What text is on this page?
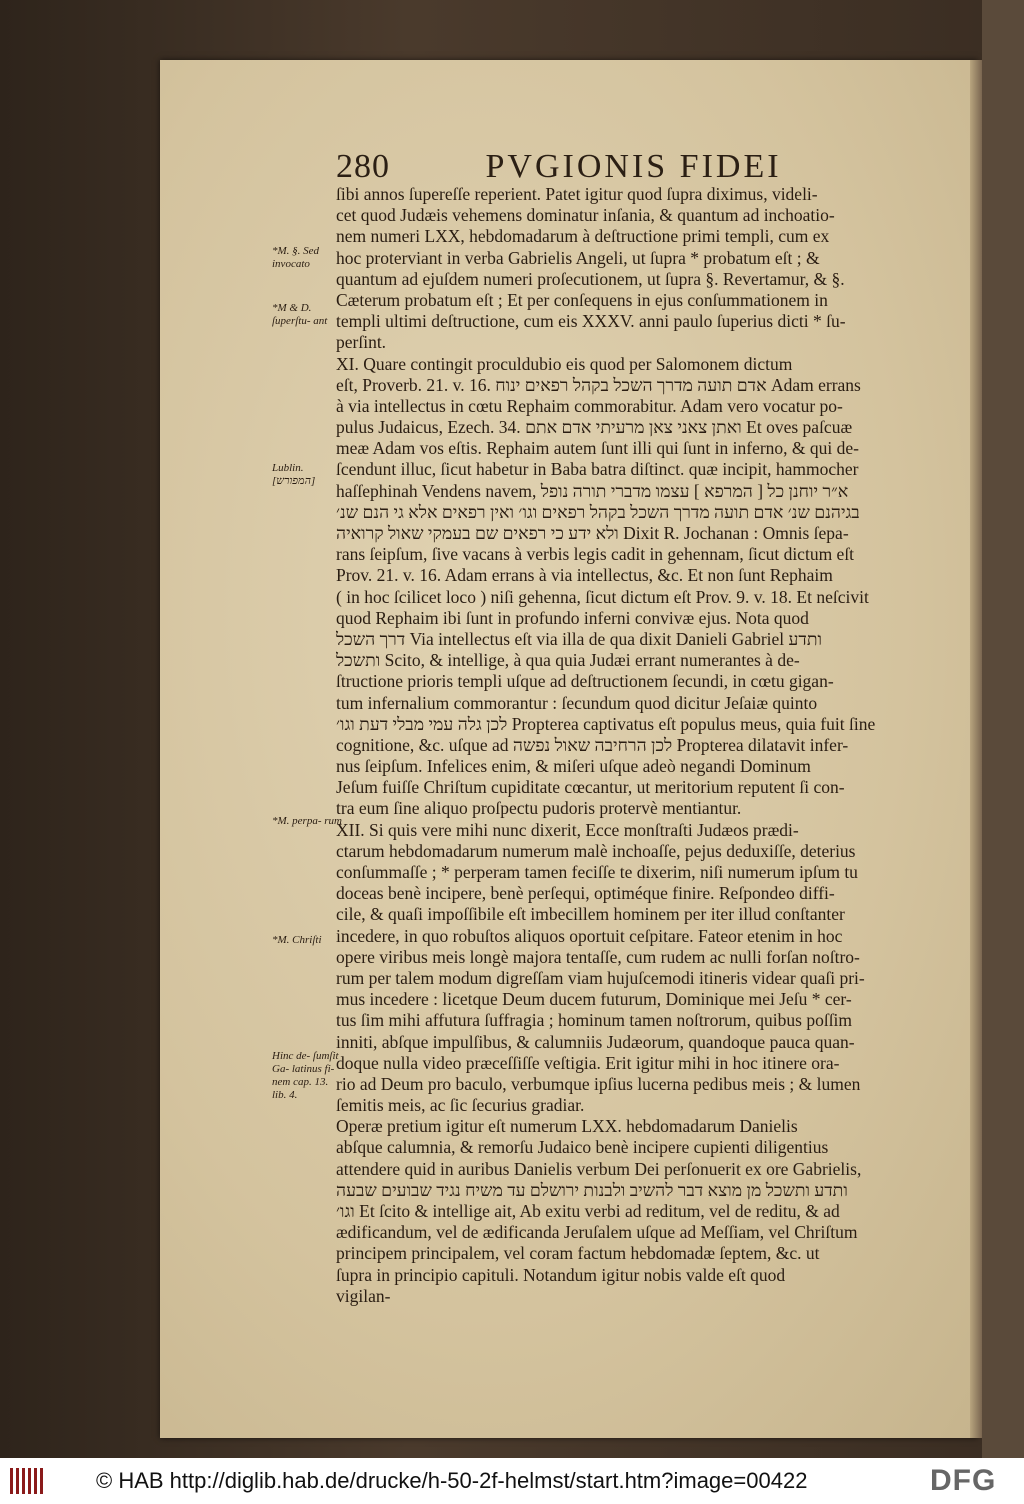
280	PVGIONIS FIDEI
*M. §. Sed invocato
*M & D. ſuperſtu- ant
Lublin. [המפורש]
*M. perpa- rum
*M. Chriſti
Hinc de- ſumſit Ga- latinus fi- nem cap. 13. lib. 4.
ſibi annos ſupereſſe reperient. Patet igitur quod ſupra diximus, videli-
cet quod Judæis vehemens dominatur inſania, & quantum ad inchoatio-
nem numeri LXX, hebdomadarum à deſtructione primi templi, cum ex
hoc proterviant in verba Gabrielis Angeli, ut ſupra * probatum eſt ; &
quantum ad ejuſdem numeri proſecutionem, ut ſupra §. Revertamur, & §.
Cæterum probatum eſt ; Et per conſequens in ejus conſummationem in
templi ultimi deſtructione, cum eis XXXV. anni paulo ſuperius dicti * ſu-
perſint.
XI. Quare contingit proculdubio eis quod per Salomonem dictum
eſt, Proverb. 21. v. 16. אדם תועה מדרך השכל בקהל רפאים ינוח Adam errans
à via intellectus in cœtu Rephaim commorabitur. Adam vero vocatur po-
pulus Judaicus, Ezech. 34. ואתן צאני צאן מרעיתי אדם אתם Et oves paſcuæ
meæ Adam vos eſtis. Rephaim autem ſunt illi qui ſunt in inferno, & qui de-
ſcendunt illuc, ſicut habetur in Baba batra diſtinct. quæ incipit, hammocher
haſſephinah Vendens navem, א״ר יוחנן כל [ המרפא ] עצמו מדברי תורה נופל
בגיהנם שנ׳ אדם תועה מדרך השכל בקהל רפאים וגו׳ ואין רפאים אלא גי הנם שנ׳
ולא ידע כי רפאים שם בעמקי שאול קרואיה Dixit R. Jochanan : Omnis ſepa-
rans ſeipſum, ſive vacans à verbis legis cadit in gehennam, ſicut dictum eſt
Prov. 21. v. 16. Adam errans à via intellectus, &c. Et non ſunt Rephaim
( in hoc ſcilicet loco ) niſi gehenna, ſicut dictum eſt Prov. 9. v. 18. Et neſcivit
quod Rephaim ibi ſunt in profundo inferni convivæ ejus. Nota quod
דרך השכל Via intellectus eſt via illa de qua dixit Danieli Gabriel ותדע
ותשכל Scito, & intellige, à qua quia Judæi errant numerantes à de-
ſtructione prioris templi uſque ad deſtructionem ſecundi, in cœtu gigan-
tum infernalium commorantur : ſecundum quod dicitur Jeſaiæ quinto
לכן גלה עמי מבלי דעת וגו׳ Propterea captivatus eſt populus meus, quia fuit ſine
cognitione, &c. uſque ad לכן הרחיבה שאול נפשה Propterea dilatavit infer-
nus ſeipſum. Infelices enim, & miſeri uſque adeò negandi Dominum
Jeſum fuiſſe Chriſtum cupiditate cœcantur, ut meritorium reputent ſi con-
tra eum ſine aliquo proſpectu pudoris protervè mentiantur.
XII. Si quis vere mihi nunc dixerit, Ecce monſtraſti Judæos prædi-
ctarum hebdomadarum numerum malè inchoaſſe, pejus deduxiſſe, deterius
conſummaſſe ; * perperam tamen feciſſe te dixerim, niſi numerum ipſum tu
doceas benè incipere, benè perſequi, optiméque finire. Reſpondeo diffi-
cile, & quaſi impoſſibile eſt imbecillem hominem per iter illud conſtanter
incedere, in quo robuſtos aliquos oportuit ceſpitare. Fateor etenim in hoc
opere viribus meis longè majora tentaſſe, cum rudem ac nulli forſan noſtro-
rum per talem modum digreſſam viam hujuſcemodi itineris videar quaſi pri-
mus incedere : licetque Deum ducem futurum, Dominique mei Jeſu * cer-
tus ſim mihi affutura ſuffragia ; hominum tamen noſtrorum, quibus poſſim
inniti, abſque impulſibus, & calumniis Judæorum, quandoque pauca quan-
doque nulla video præceſſiſſe veſtigia. Erit igitur mihi in hoc itinere ora-
rio ad Deum pro baculo, verbumque ipſius lucerna pedibus meis ; & lumen
ſemitis meis, ac ſic ſecurius gradiar.
Operæ pretium igitur eſt numerum LXX. hebdomadarum Danielis
abſque calumnia, & remorſu Judaico benè incipere cupienti diligentius
attendere quid in auribus Danielis verbum Dei perſonuerit ex ore Gabrielis,
ותדע ותשכל מן מוצא דבר להשיב ולבנות ירושלם עד משיח נגיד שבועים שבעה
וגו׳ Et ſcito & intellige ait, Ab exitu verbi ad reditum, vel de reditu, & ad
ædificandum, vel de ædificanda Jeruſalem uſque ad Meſſiam, vel Chriſtum
principem principalem, vel coram factum hebdomadæ ſeptem, &c. ut
ſupra in principio capituli. Notandum igitur nobis valde eſt quod
vigilan-
© HAB http://diglib.hab.de/drucke/h-50-2f-helmst/start.htm?image=00422	DFG
